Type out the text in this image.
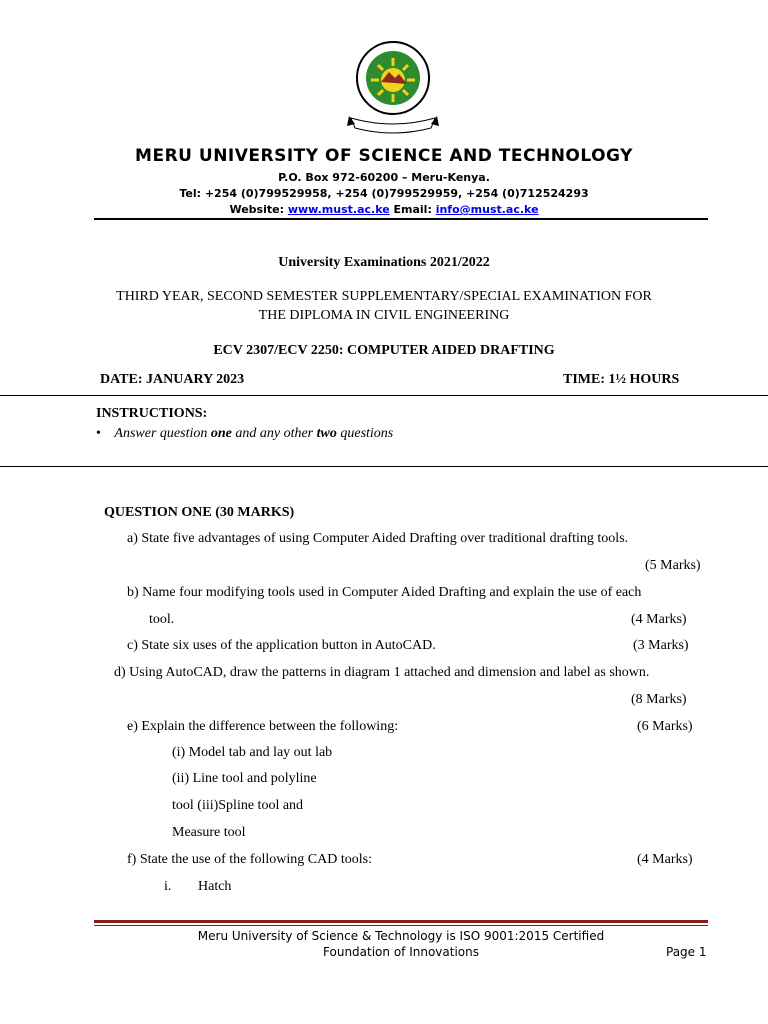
MERU UNIVERSITY OF SCIENCE AND TECHNOLOGY
P.O. Box 972-60200 – Meru-Kenya.
Tel: +254 (0)799529958, +254 (0)799529959, +254 (0)712524293
Website: www.must.ac.ke Email: info@must.ac.ke
University Examinations 2021/2022
THIRD YEAR, SECOND SEMESTER SUPPLEMENTARY/SPECIAL EXAMINATION FOR
THE DIPLOMA IN CIVIL ENGINEERING
ECV 2307/ECV 2250: COMPUTER AIDED DRAFTING
DATE: JANUARY 2023	TIME: 1½ HOURS
INSTRUCTIONS:
• Answer question one and any other two questions
QUESTION ONE (30 MARKS)
a) State five advantages of using Computer Aided Drafting over traditional drafting tools.
(5 Marks)
b) Name four modifying tools used in Computer Aided Drafting and explain the use of each
tool.	(4 Marks)
c) State six uses of the application button in AutoCAD.	(3 Marks)
d) Using AutoCAD, draw the patterns in diagram 1 attached and dimension and label as shown.
(8 Marks)
e) Explain the difference between the following:	(6 Marks)
(i) Model tab and lay out lab
(ii) Line tool and polyline
tool (iii)Spline tool and
Measure tool
f) State the use of the following CAD tools:	(4 Marks)
i. Hatch
Meru University of Science & Technology is ISO 9001:2015 Certified
Foundation of Innovations	Page 1
